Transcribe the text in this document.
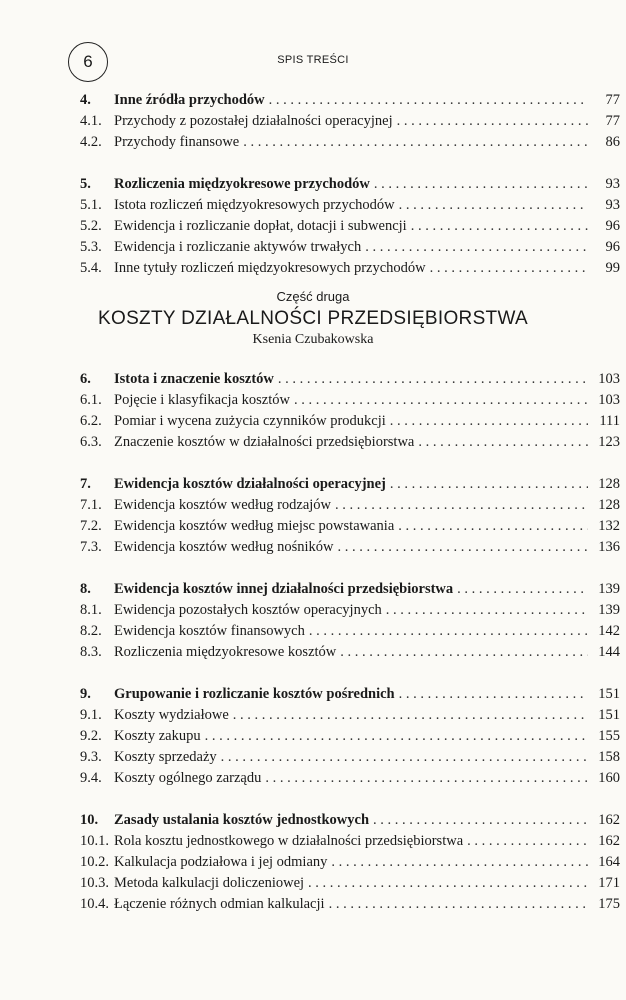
6	SPIS TREŚCI
4.	Inne źródła przychodów . . .	77
4.1. Przychody z pozostałej działalności operacyjnej . . .	77
4.2. Przychody finansowe . . .	86
5.	Rozliczenia międzyokresowe przychodów . . .	93
5.1. Istota rozliczeń międzyokresowych przychodów . . .	93
5.2. Ewidencja i rozliczanie dopłat, dotacji i subwencji . . .	96
5.3. Ewidencja i rozliczanie aktywów trwałych . . .	96
5.4. Inne tytuły rozliczeń międzyokresowych przychodów . . .	99
Część druga
KOSZTY DZIAŁALNOŚCI PRZEDSIĘBIORSTWA
Ksenia Czubakowska
6.	Istota i znaczenie kosztów . . .	103
6.1. Pojęcie i klasyfikacja kosztów . . .	103
6.2. Pomiar i wycena zużycia czynników produkcji . . .	111
6.3. Znaczenie kosztów w działalności przedsiębiorstwa . . .	123
7.	Ewidencja kosztów działalności operacyjnej . . .	128
7.1. Ewidencja kosztów według rodzajów . . .	128
7.2. Ewidencja kosztów według miejsc powstawania . . .	132
7.3. Ewidencja kosztów według nośników . . .	136
8.	Ewidencja kosztów innej działalności przedsiębiorstwa . . .	139
8.1. Ewidencja pozostałych kosztów operacyjnych . . .	139
8.2. Ewidencja kosztów finansowych . . .	142
8.3. Rozliczenia międzyokresowe kosztów . . .	144
9.	Grupowanie i rozliczanie kosztów pośrednich . . .	151
9.1. Koszty wydziałowe . . .	151
9.2. Koszty zakupu . . .	155
9.3. Koszty sprzedaży . . .	158
9.4. Koszty ogólnego zarządu . . .	160
10.	Zasady ustalania kosztów jednostkowych . . .	162
10.1. Rola kosztu jednostkowego w działalności przedsiębiorstwa . . .	162
10.2. Kalkulacja podziałowa i jej odmiany . . .	164
10.3. Metoda kalkulacji doliczeniowej . . .	171
10.4. Łączenie różnych odmian kalkulacji . . .	175
